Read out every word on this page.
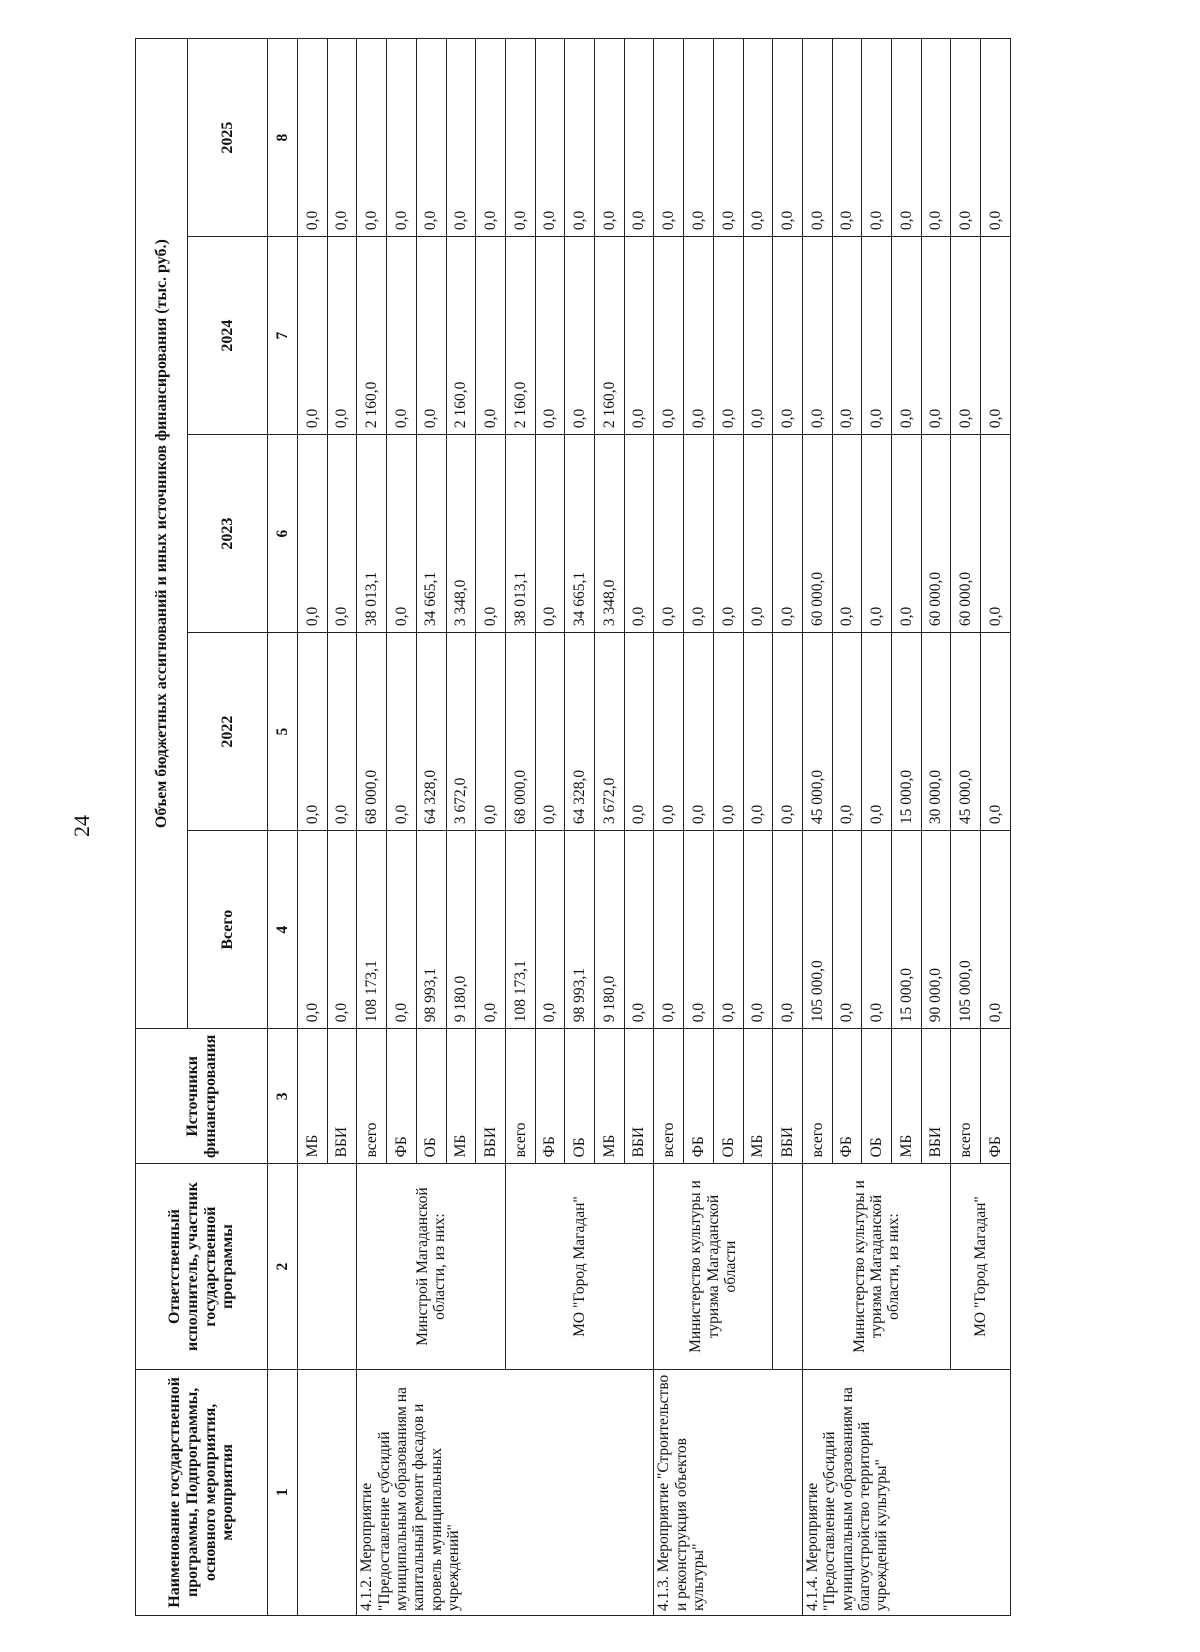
24
Наименование государственной программы, Подпрограммы, основного мероприятия, мероприятия	Ответственный исполнитель, участник государственной программы	Источники финансирования	Объем бюджетных ассигнований и иных источников финансирования (тыс. руб.)				
			Всего	2022	2023	2024	2025
1	2	3	4	5	6	7	8
		МБ	0,0	0,0	0,0	0,0	0,0
		ВБИ	0,0	0,0	0,0	0,0	0,0
4.1.2. Мероприятие "Предоставление субсидий муниципальным образованиям на капитальный ремонт фасадов и кровель муниципальных учреждений"	Минстрой Магаданской области, из них:	всего	108 173,1	68 000,0	38 013,1	2 160,0	0,0
		ФБ	0,0	0,0	0,0	0,0	0,0
		ОБ	98 993,1	64 328,0	34 665,1	0,0	0,0
		МБ	9 180,0	3 672,0	3 348,0	2 160,0	0,0
		ВБИ	0,0	0,0	0,0	0,0	0,0
	МО "Город Магадан"	всего	108 173,1	68 000,0	38 013,1	2 160,0	0,0
		ФБ	0,0	0,0	0,0	0,0	0,0
		ОБ	98 993,1	64 328,0	34 665,1	0,0	0,0
		МБ	9 180,0	3 672,0	3 348,0	2 160,0	0,0
		ВБИ	0,0	0,0	0,0	0,0	0,0
4.1.3. Мероприятие "Строительство и реконструкция объектов культуры"	Министерство культуры и туризма Магаданской области	всего	0,0	0,0	0,0	0,0	0,0
		ФБ	0,0	0,0	0,0	0,0	0,0
		ОБ	0,0	0,0	0,0	0,0	0,0
		МБ	0,0	0,0	0,0	0,0	0,0
		ВБИ	0,0	0,0	0,0	0,0	0,0
4.1.4. Мероприятие "Предоставление субсидий муниципальным образованиям на благоустройство территорий учреждений культуры"	Министерство культуры и туризма Магаданской области, из них:	всего	105 000,0	45 000,0	60 000,0	0,0	0,0
		ФБ	0,0	0,0	0,0	0,0	0,0
		ОБ	0,0	0,0	0,0	0,0	0,0
		МБ	15 000,0	15 000,0	0,0	0,0	0,0
		ВБИ	90 000,0	30 000,0	60 000,0	0,0	0,0
	МО "Город Магадан"	всего	105 000,0	45 000,0	60 000,0	0,0	0,0
		ФБ	0,0	0,0	0,0	0,0	0,0
